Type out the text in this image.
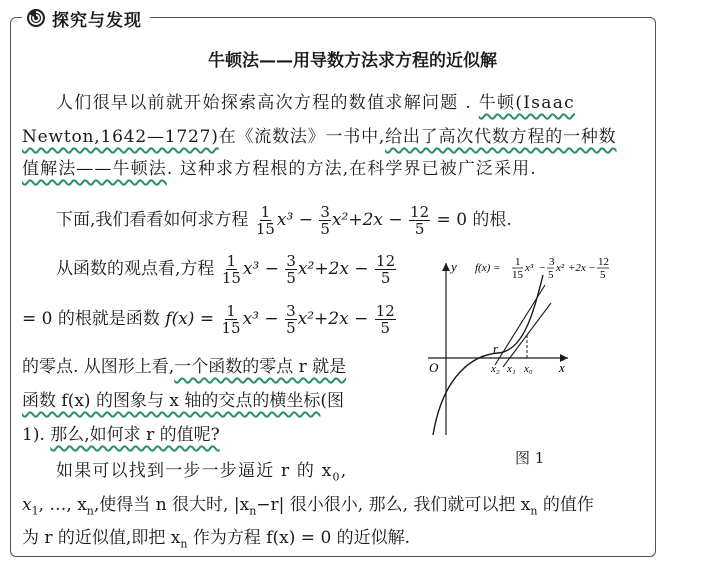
探究与发现
牛顿法——用导数方法求方程的近似解
人们很早以前就开始探索高次方程的数值求解问题 . 牛顿(Isaac
Newton,1642—1727)在《流数法》一书中,给出了高次代数方程的一种数
值解法——牛顿法. 这种求方程根的方法,在科学界已被广泛采用.
下面,我们看看如何求方程 $\frac{1}{15} x^3 - \frac{3}{5} x^2+2x - \frac{12}{5} = 0$ 的根.
从函数的观点看,方程 $\frac{1}{15} x^3 - \frac{3}{5} x^2+2x - \frac{12}{5}$
= 0 的根就是函数 $f(x) = \frac{1}{15} x^3 - \frac{3}{5} x^2+2x - \frac{12}{5}$
的零点. 从图形上看,一个函数的零点 r 就是
函数 f(x) 的图象与 x 轴的交点的横坐标(图
1). 那么,如何求 r 的值呢?
如果可以找到一步一步逼近 r 的 $x_0$,
$x_1$, …, $x_n$,使得当 n 很大时, $|x_n-r|$ 很小很小, 那么, 我们就可以把 $x_n$ 的值作
为 r 的近似值,即把 $x_n$ 作为方程 f(x) = 0 的近似解.
y
x
O
r
x₂ x₁ x₀
f(x) = 1
15
x³ − 3
5
x² +2x − 12
5
图 1
